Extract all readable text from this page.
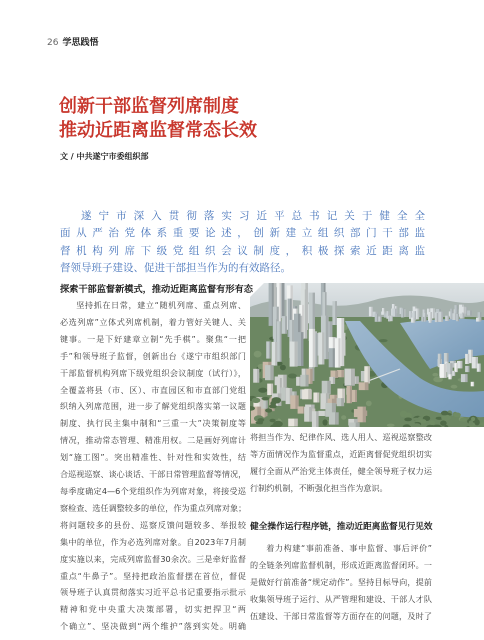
26 学思践悟
创新干部监督列席制度
推动近距离监督常态长效
文 / 中共遂宁市委组织部
遂宁市深入贯彻落实习近平总书记关于健全全
面从严治党体系重要论述，创新建立组织部门干部监
督机构列席下级党组织会议制度，积极探索近距离监
督领导班子建设、促进干部担当作为的有效路径。
探索干部监督新模式，推动近距离监督有形有态
坚持抓在日常，建立“随机列席、重点列席、
必选列席”立体式列席机制，着力管好关键人、关
键事。一是下好建章立制“先手棋”。聚焦“一把
手”和领导班子监督，创新出台《遂宁市组织部门
干部监督机构列席下级党组织会议制度（试行）》，
全覆盖将县（市、区）、市直园区和市直部门党组
织纳入列席范围，进一步了解党组织落实第一议题
制度、执行民主集中制和“三重一大”决策制度等
情况，推动常态管理、精准用权。二是画好列席计
划“施工图”。突出精准性、针对性和实效性，结
合巡视巡察、谈心谈话、干部日常管理监督等情况，
每季度确定4—6个党组织作为列席对象，将接受巡
察检查、选任调整较多的单位，作为重点列席对象；
将问题较多的县份、巡察反馈问题较多、举报较
集中的单位，作为必选列席对象。自2023年7月制
度实施以来，完成列席监督30余次。三是牵好监督
重点“牛鼻子”。坚持把政治监督摆在首位，督促
领导班子认真贯彻落实习近平总书记重要指示批示
精神和党中央重大决策部署，切实把捍卫“两
个确立”、坚决做到“两个维护”落到实处。明确
将担当作为、纪律作风、选人用人、巡视巡察整改
等方面情况作为监督重点，近距离督促党组织切实
履行全面从严治党主体责任，健全领导班子权力运
行制约机制，不断强化担当作为意识。
健全操作运行程序链，推动近距离监督见行见效
着力构建“事前准备、事中监督、事后评价”
的全链条列席监督机制，形成近距离监督闭环。一
是做好行前准备“规定动作”。坚持目标导向，提前
收集领导班子运行、从严管理和建设、干部人才队
伍建设、干部日常监督等方面存在的问题，及时了
